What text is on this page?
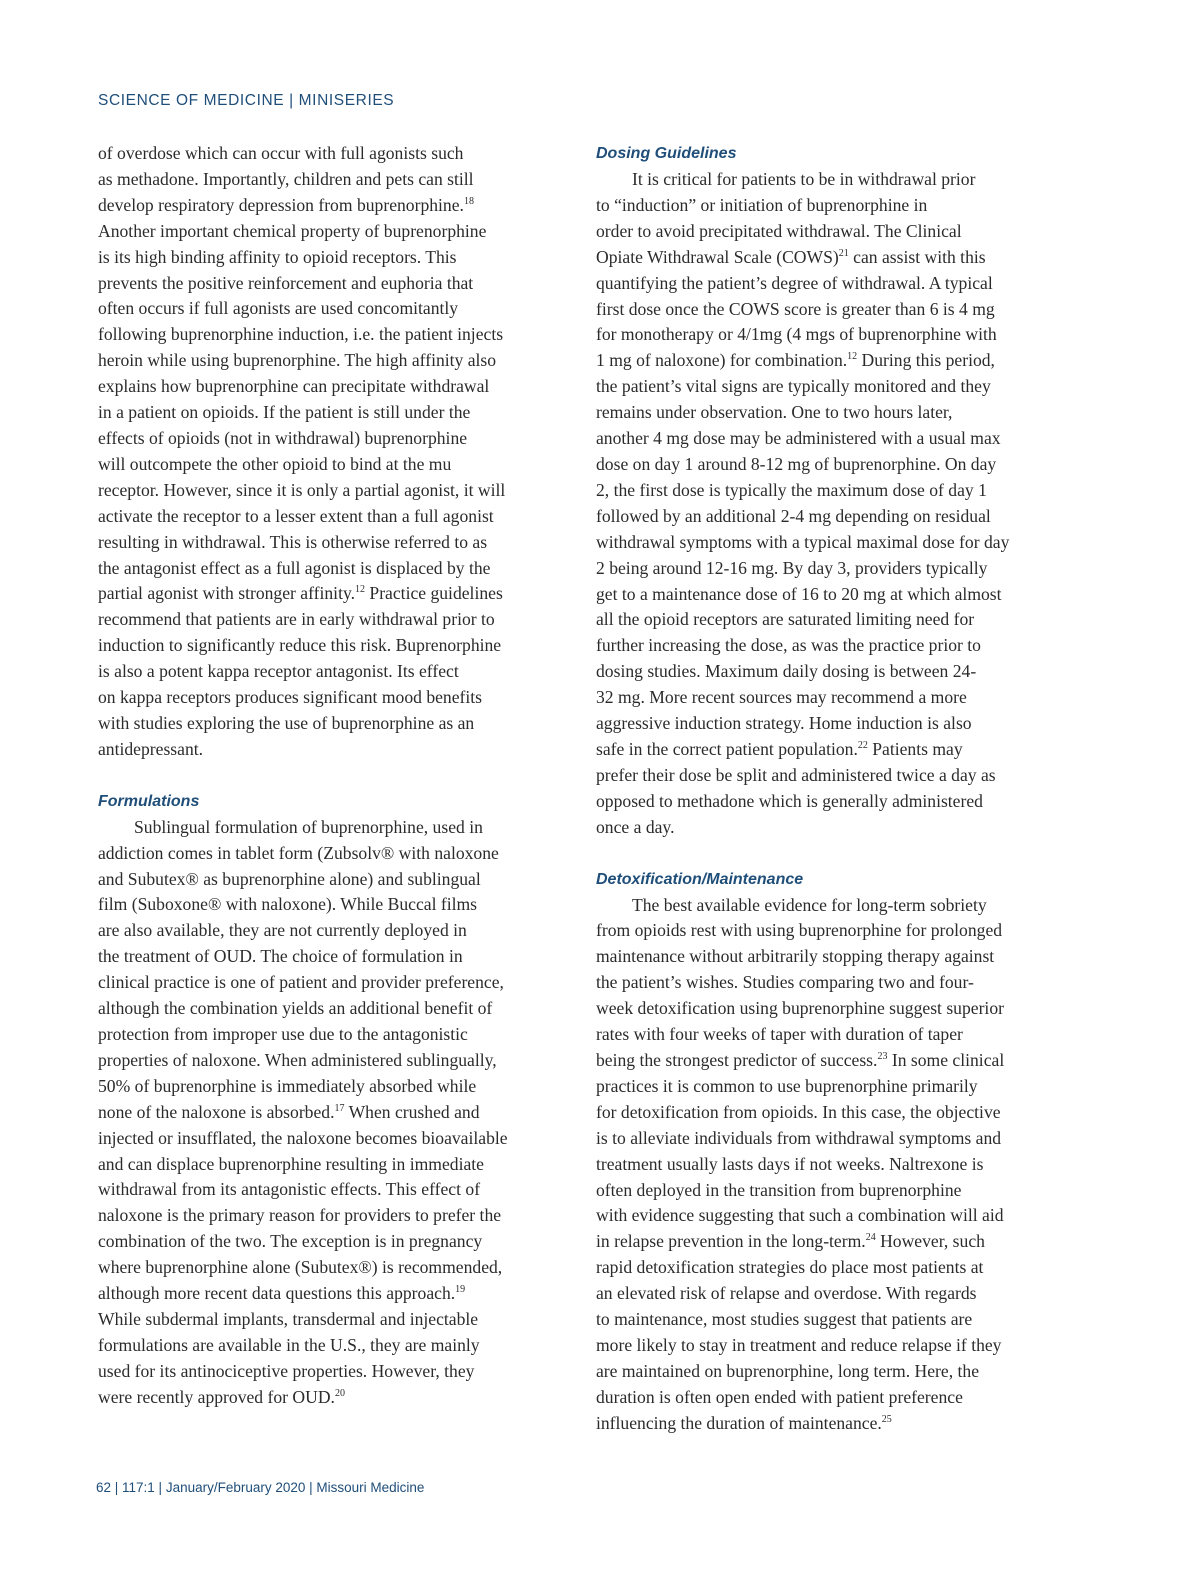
SCIENCE OF MEDICINE | MINISERIES

of overdose which can occur with full agonists such
as methadone. Importantly, children and pets can still
develop respiratory depression from buprenorphine.$^{18}$
Another important chemical property of buprenorphine
is its high binding affinity to opioid receptors. This
prevents the positive reinforcement and euphoria that
often occurs if full agonists are used concomitantly
following buprenorphine induction, i.e. the patient injects
heroin while using buprenorphine. The high affinity also
explains how buprenorphine can precipitate withdrawal
in a patient on opioids. If the patient is still under the
effects of opioids (not in withdrawal) buprenorphine
will outcompete the other opioid to bind at the mu
receptor. However, since it is only a partial agonist, it will
activate the receptor to a lesser extent than a full agonist
resulting in withdrawal. This is otherwise referred to as
the antagonist effect as a full agonist is displaced by the
partial agonist with stronger affinity.$^{12}$ Practice guidelines
recommend that patients are in early withdrawal prior to
induction to significantly reduce this risk. Buprenorphine
is also a potent kappa receptor antagonist. Its effect
on kappa receptors produces significant mood benefits
with studies exploring the use of buprenorphine as an
antidepressant.

Formulations

Sublingual formulation of buprenorphine, used in
addiction comes in tablet form (Zubsolv® with naloxone
and Subutex® as buprenorphine alone) and sublingual
film (Suboxone® with naloxone). While Buccal films
are also available, they are not currently deployed in
the treatment of OUD. The choice of formulation in
clinical practice is one of patient and provider preference,
although the combination yields an additional benefit of
protection from improper use due to the antagonistic
properties of naloxone. When administered sublingually,
50% of buprenorphine is immediately absorbed while
none of the naloxone is absorbed.$^{17}$ When crushed and
injected or insufflated, the naloxone becomes bioavailable
and can displace buprenorphine resulting in immediate
withdrawal from its antagonistic effects. This effect of
naloxone is the primary reason for providers to prefer the
combination of the two. The exception is in pregnancy
where buprenorphine alone (Subutex®) is recommended,
although more recent data questions this approach.$^{19}$
While subdermal implants, transdermal and injectable
formulations are available in the U.S., they are mainly
used for its antinociceptive properties. However, they
were recently approved for OUD.$^{20}$

Dosing Guidelines

It is critical for patients to be in withdrawal prior
to “induction” or initiation of buprenorphine in
order to avoid precipitated withdrawal. The Clinical
Opiate Withdrawal Scale (COWS)$^{21}$ can assist with this
quantifying the patient’s degree of withdrawal. A typical
first dose once the COWS score is greater than 6 is 4 mg
for monotherapy or 4/1mg (4 mgs of buprenorphine with
1 mg of naloxone) for combination.$^{12}$ During this period,
the patient’s vital signs are typically monitored and they
remains under observation. One to two hours later,
another 4 mg dose may be administered with a usual max
dose on day 1 around 8-12 mg of buprenorphine. On day
2, the first dose is typically the maximum dose of day 1
followed by an additional 2-4 mg depending on residual
withdrawal symptoms with a typical maximal dose for day
2 being around 12-16 mg. By day 3, providers typically
get to a maintenance dose of 16 to 20 mg at which almost
all the opioid receptors are saturated limiting need for
further increasing the dose, as was the practice prior to
dosing studies. Maximum daily dosing is between 24-
32 mg. More recent sources may recommend a more
aggressive induction strategy. Home induction is also
safe in the correct patient population.$^{22}$ Patients may
prefer their dose be split and administered twice a day as
opposed to methadone which is generally administered
once a day.

Detoxification/Maintenance

The best available evidence for long-term sobriety
from opioids rest with using buprenorphine for prolonged
maintenance without arbitrarily stopping therapy against
the patient’s wishes. Studies comparing two and four-
week detoxification using buprenorphine suggest superior
rates with four weeks of taper with duration of taper
being the strongest predictor of success.$^{23}$ In some clinical
practices it is common to use buprenorphine primarily
for detoxification from opioids. In this case, the objective
is to alleviate individuals from withdrawal symptoms and
treatment usually lasts days if not weeks. Naltrexone is
often deployed in the transition from buprenorphine
with evidence suggesting that such a combination will aid
in relapse prevention in the long-term.$^{24}$ However, such
rapid detoxification strategies do place most patients at
an elevated risk of relapse and overdose. With regards
to maintenance, most studies suggest that patients are
more likely to stay in treatment and reduce relapse if they
are maintained on buprenorphine, long term. Here, the
duration is often open ended with patient preference
influencing the duration of maintenance.$^{25}$

62 | 117:1 | January/February 2020 | Missouri Medicine
